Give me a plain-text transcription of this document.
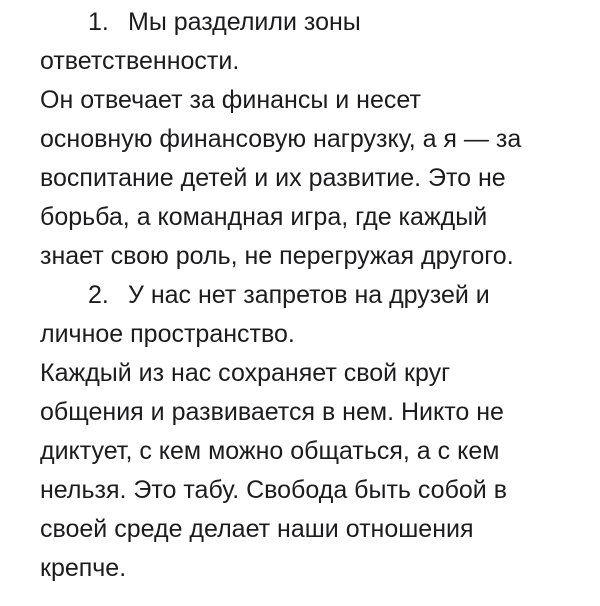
1. Мы разделили зоны
ответственности.
Он отвечает за финансы и несет
основную финансовую нагрузку, а я — за
воспитание детей и их развитие. Это не
борьба, а командная игра, где каждый
знает свою роль, не перегружая другого.
2. У нас нет запретов на друзей и
личное пространство.
Каждый из нас сохраняет свой круг
общения и развивается в нем. Никто не
диктует, с кем можно общаться, а с кем
нельзя. Это табу. Свобода быть собой в
своей среде делает наши отношения
крепче.
